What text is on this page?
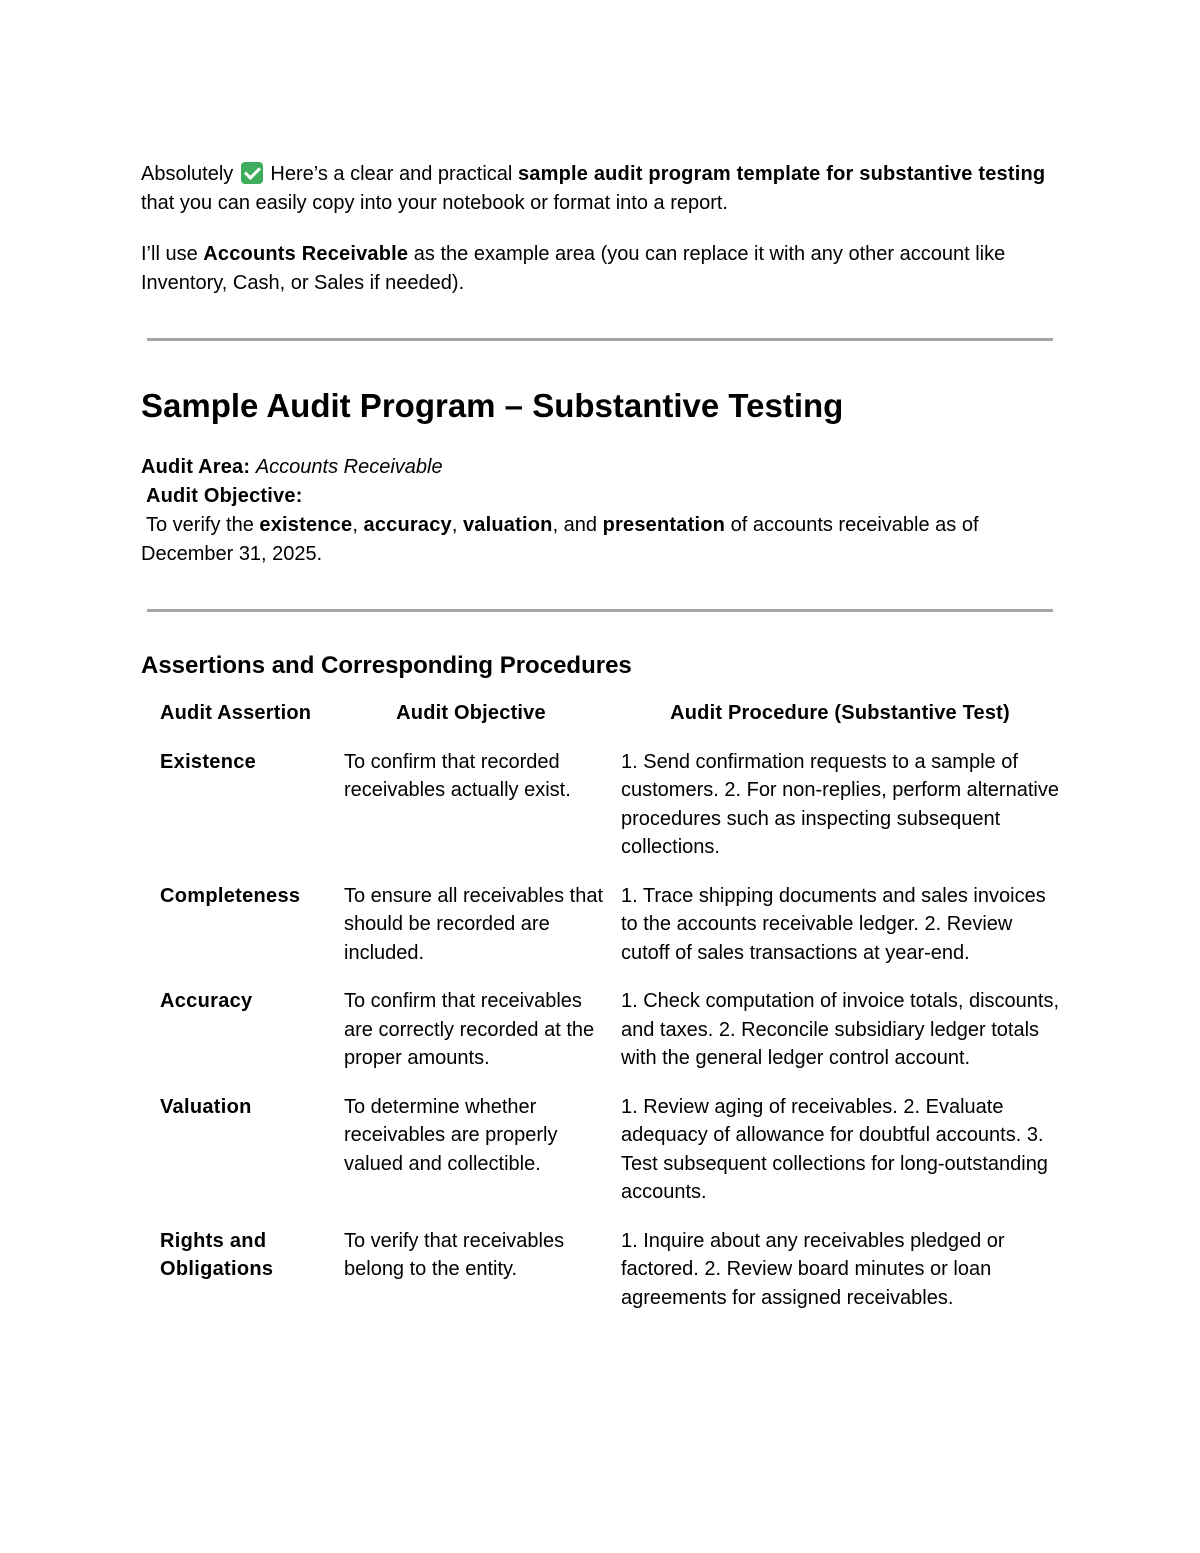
Absolutely  Here’s a clear and practical sample audit program template for substantive testing that you can easily copy into your notebook or format into a report.

I’ll use Accounts Receivable as the example area (you can replace it with any other account like Inventory, Cash, or Sales if needed).

Sample Audit Program – Substantive Testing

Audit Area: Accounts Receivable

Audit Objective:

To verify the existence, accuracy, valuation, and presentation of accounts receivable as of December 31, 2025.

Assertions and Corresponding Procedures
Audit Assertion	Audit Objective	Audit Procedure (Substantive Test)
Existence	To confirm that recorded receivables actually exist.	1. Send confirmation requests to a sample of customers. 2. For non-replies, perform alternative procedures such as inspecting subsequent collections.
Completeness	To ensure all receivables that should be recorded are included.	1. Trace shipping documents and sales invoices to the accounts receivable ledger. 2. Review cutoff of sales transactions at year-end.
Accuracy	To confirm that receivables are correctly recorded at the proper amounts.	1. Check computation of invoice totals, discounts, and taxes. 2. Reconcile subsidiary ledger totals with the general ledger control account.
Valuation	To determine whether receivables are properly valued and collectible.	1. Review aging of receivables. 2. Evaluate adequacy of allowance for doubtful accounts. 3. Test subsequent collections for long-outstanding accounts.
Rights and Obligations	To verify that receivables belong to the entity.	1. Inquire about any receivables pledged or factored. 2. Review board minutes or loan agreements for assigned receivables.
